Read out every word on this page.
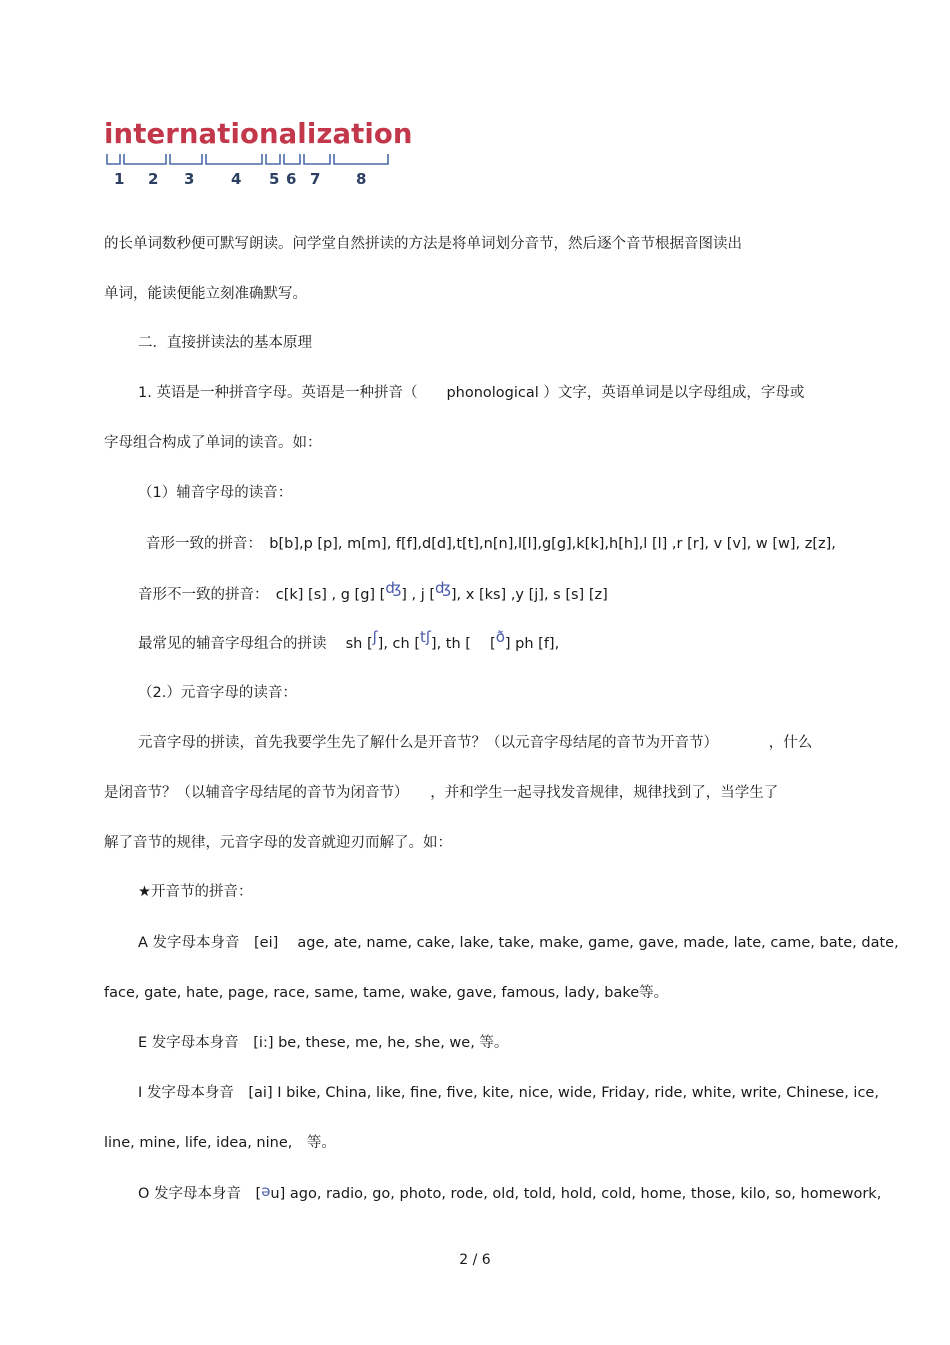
internationalization
1 2 3 4 5 6 7 8
的长单词数秒便可默写朗读。问学堂自然拼读的方法是将单词划分音节，然后逐个音节根据音图读出
单词，能读便能立刻准确默写。
二．直接拼读法的基本原理
1. 英语是一种拼音字母。英语是一种拼音（　　phonological ）文字，英语单词是以字母组成，字母或
字母组合构成了单词的读音。如：
（1）辅音字母的读音：
音形一致的拼音：　b[b],p [p], m[m], f[f],d[d],t[t],n[n],l[l],g[g],k[k],h[h],l [l] ,r [r], v [v], w [w], z[z],
音形不一致的拼音：　c[k] [s] , g [g] [ʤ] , j [ʤ], x [ks] ,y [j], s [s] [z]
最常见的辅音字母组合的拼读　 sh [ʃ], ch [tʃ], th [　 [ð] ph [f],
（2.）元音字母的读音：
元音字母的拼读，首先我要学生先了解什么是开音节？（以元音字母结尾的音节为开音节）　　　　，什么
是闭音节？（以辅音字母结尾的音节为闭音节）　　，并和学生一起寻找发音规律，规律找到了，当学生了
解了音节的规律，元音字母的发音就迎刃而解了。如：
★开音节的拼音：
A 发字母本身音　[ei]　 age, ate, name, cake, lake, take, make, game, gave, made, late, came, bate, date,
face, gate, hate, page, race, same, tame, wake, gave, famous, lady, bake等。
E 发字母本身音　[i:] be, these, me, he, she, we, 等。
I 发字母本身音　[ai] I bike, China, like, fine, five, kite, nice, wide, Friday, ride, white, write, Chinese, ice,
line, mine, life, idea, nine,　等。
O 发字母本身音　[əu] ago, radio, go, photo, rode, old, told, hold, cold, home, those, kilo, so, homework,
2 / 6
